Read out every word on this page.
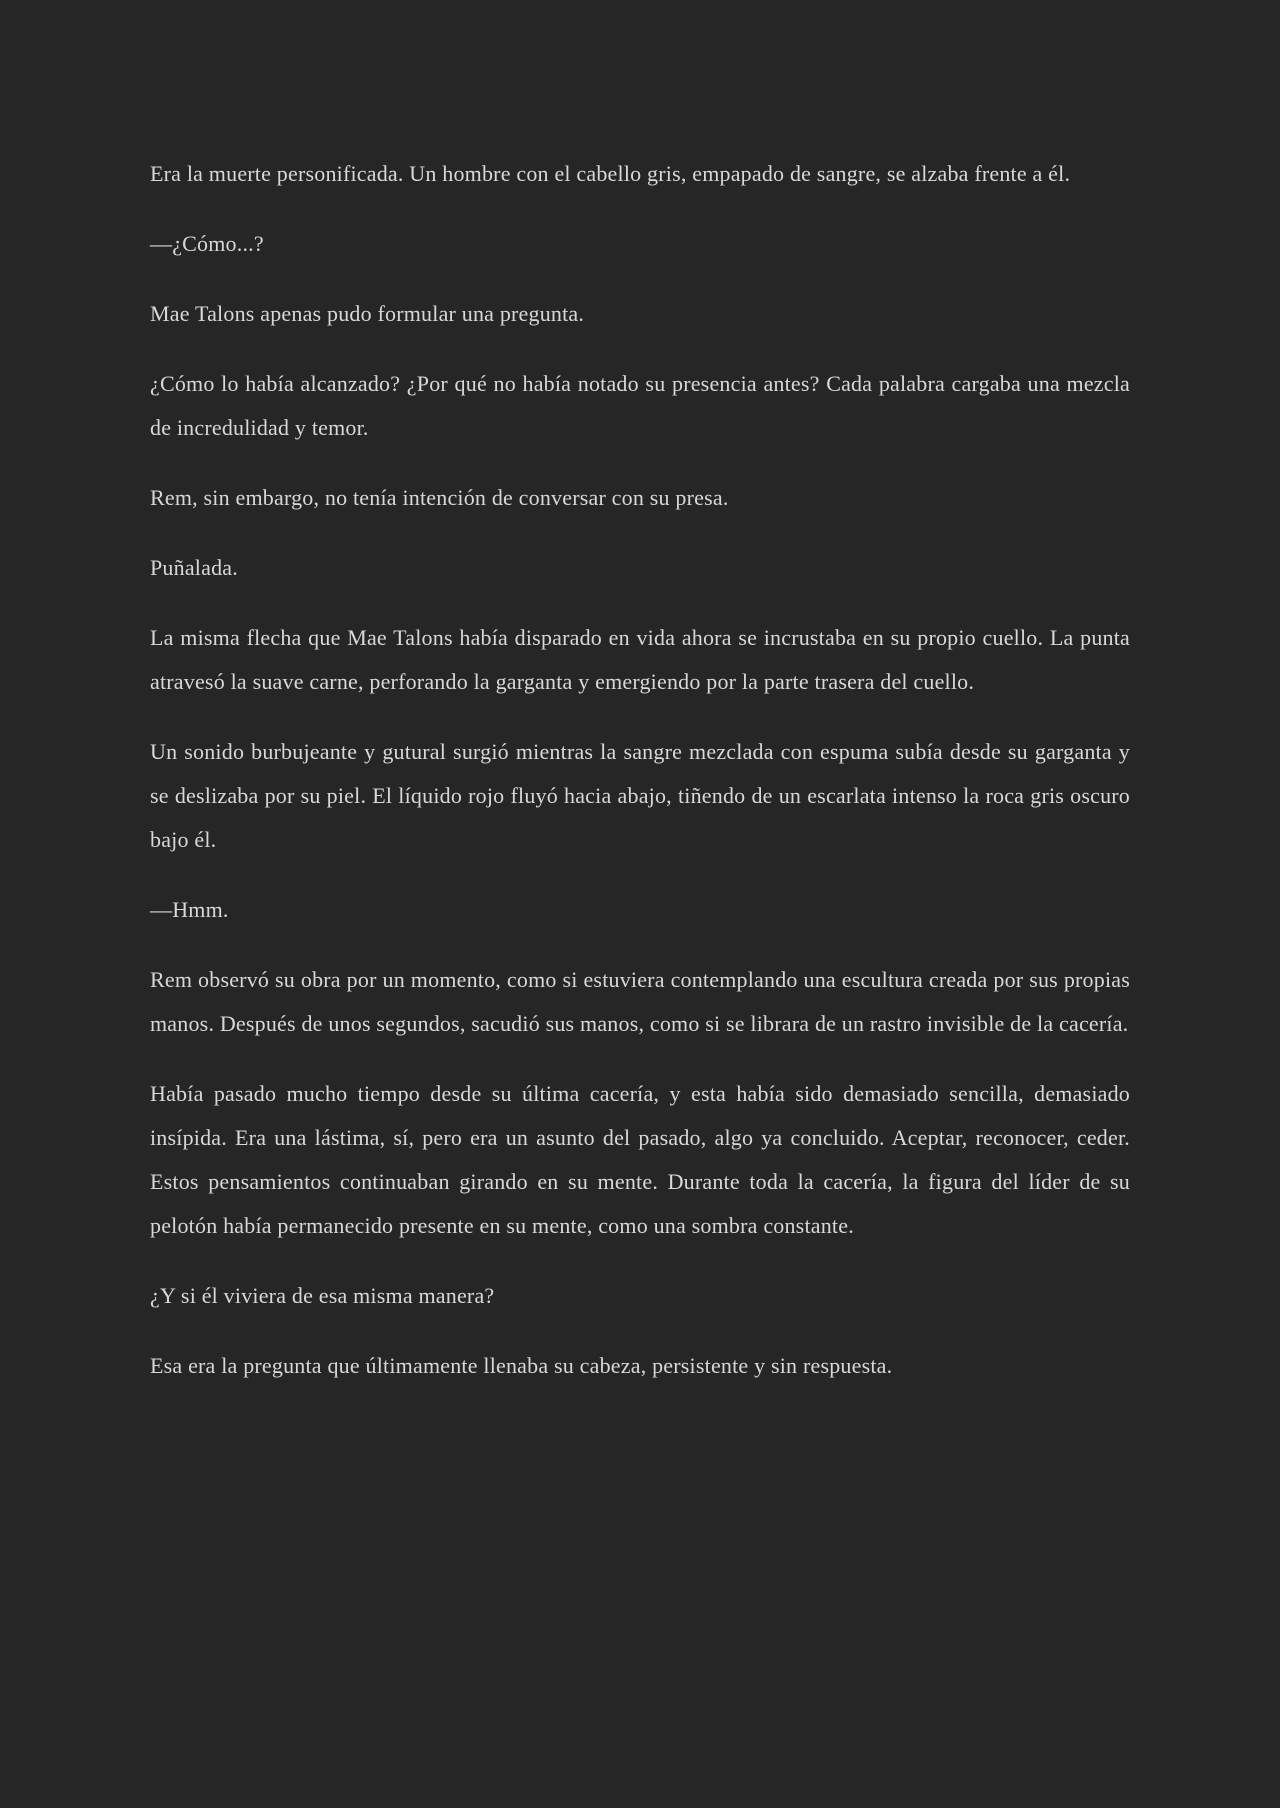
Era la muerte personificada. Un hombre con el cabello gris, empapado de sangre, se alzaba frente a él.

—¿Cómo...?

Mae Talons apenas pudo formular una pregunta.

¿Cómo lo había alcanzado? ¿Por qué no había notado su presencia antes? Cada palabra cargaba una mezcla de incredulidad y temor.

Rem, sin embargo, no tenía intención de conversar con su presa.

Puñalada.

La misma flecha que Mae Talons había disparado en vida ahora se incrustaba en su propio cuello. La punta atravesó la suave carne, perforando la garganta y emergiendo por la parte trasera del cuello.

Un sonido burbujeante y gutural surgió mientras la sangre mezclada con espuma subía desde su garganta y se deslizaba por su piel. El líquido rojo fluyó hacia abajo, tiñendo de un escarlata intenso la roca gris oscuro bajo él.

—Hmm.

Rem observó su obra por un momento, como si estuviera contemplando una escultura creada por sus propias manos. Después de unos segundos, sacudió sus manos, como si se librara de un rastro invisible de la cacería.

Había pasado mucho tiempo desde su última cacería, y esta había sido demasiado sencilla, demasiado insípida. Era una lástima, sí, pero era un asunto del pasado, algo ya concluido. Aceptar, reconocer, ceder. Estos pensamientos continuaban girando en su mente. Durante toda la cacería, la figura del líder de su pelotón había permanecido presente en su mente, como una sombra constante.

¿Y si él viviera de esa misma manera?

Esa era la pregunta que últimamente llenaba su cabeza, persistente y sin respuesta.
